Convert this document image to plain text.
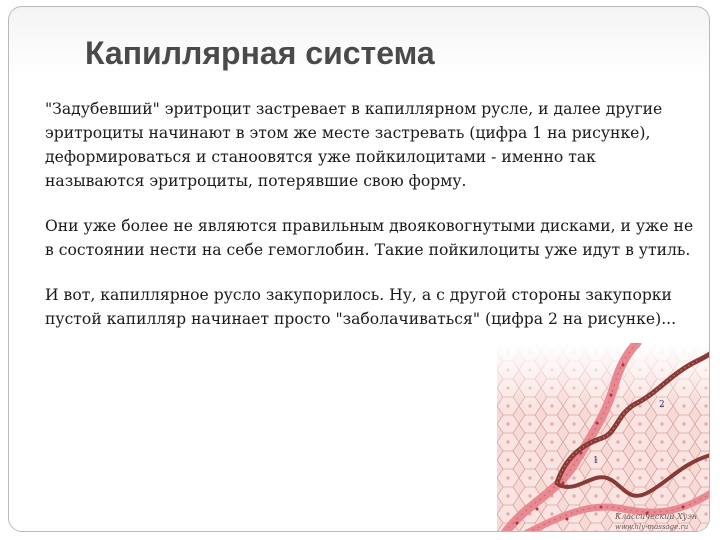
Капиллярная система

"Задубевший" эритроцит застревает в капиллярном русле, и далее другие эритроциты начинают в этом же месте застревать (цифра 1 на рисунке), деформироваться и станоовятся уже пойкилоцитами - именно так называются эритроциты, потерявшие свою форму.

Они уже более не являются правильным двояковогнутыми дисками, и уже не в состоянии нести на себе гемоглобин. Такие пойкилоциты уже идут в утиль.

И вот, капиллярное русло закупорилось. Ну, а с другой стороны закупорки пустой капилляр начинает просто "заболачиваться" (цифра 2 на рисунке)...

1
2
Классический Хуэн
www.hly-massage.ru
